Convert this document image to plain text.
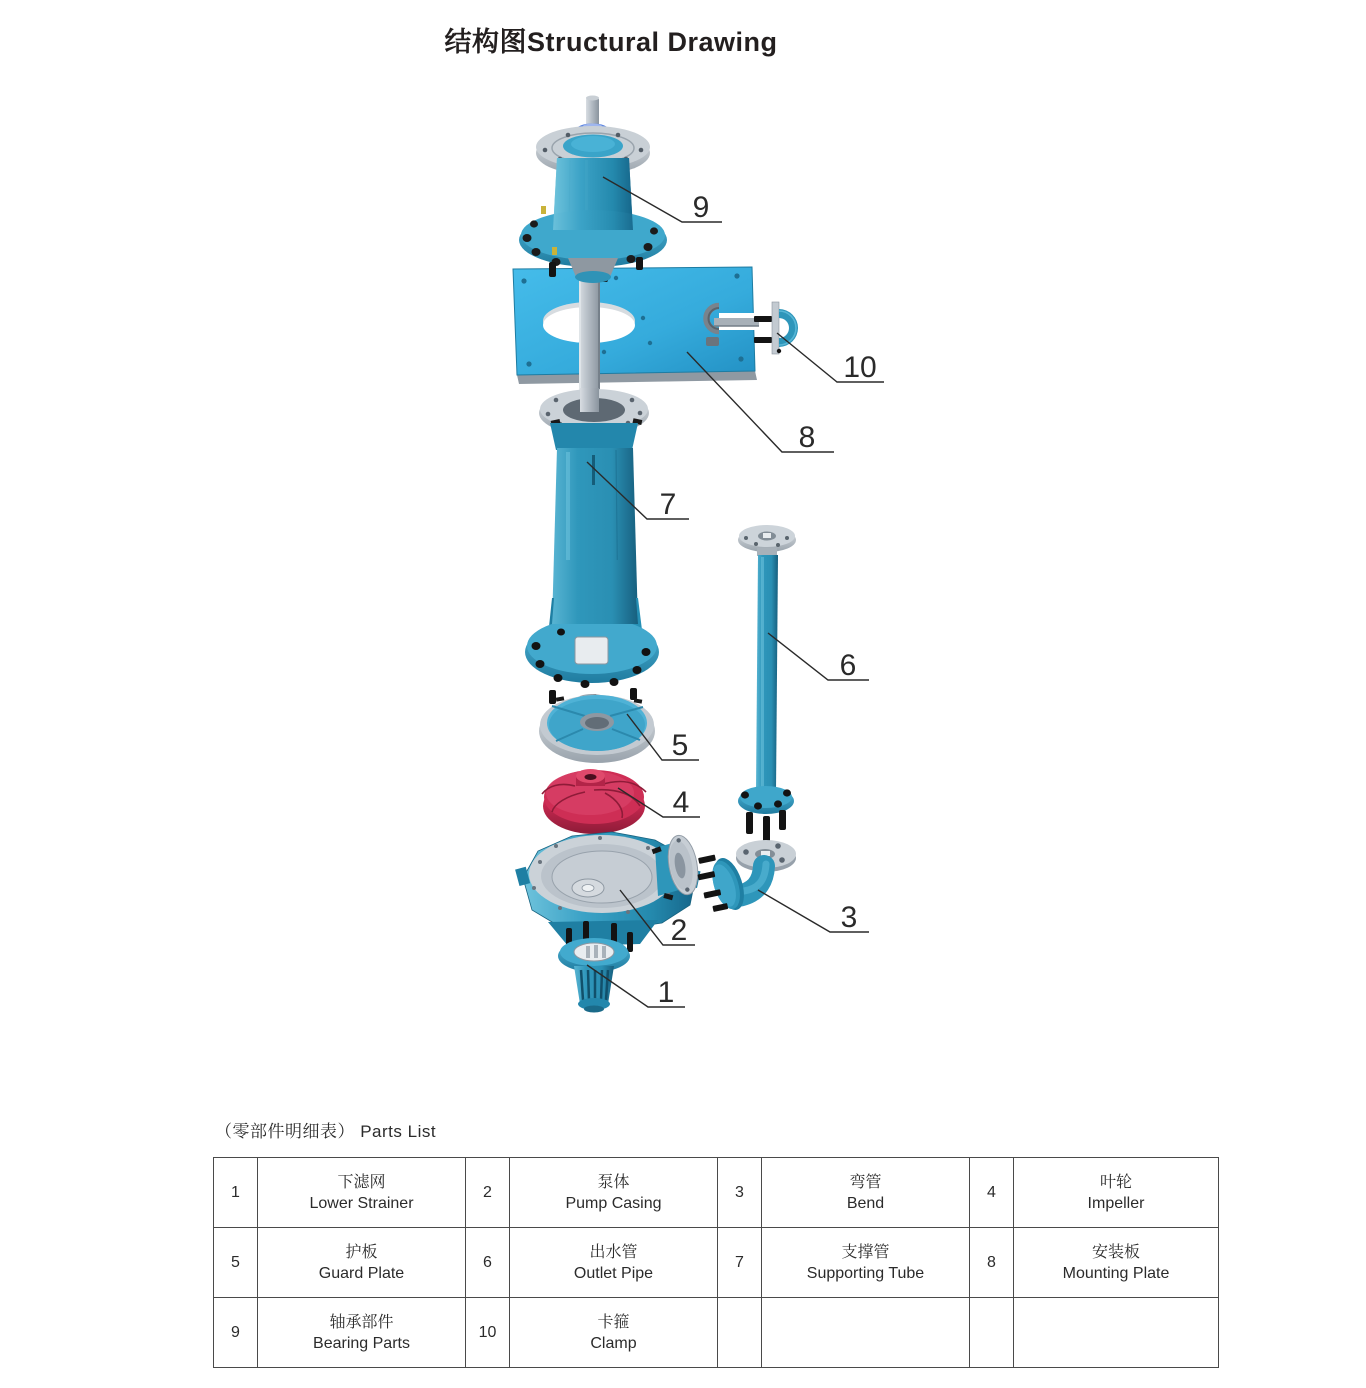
结构图Structural Drawing
1
2	3
4
5
6
7
8
9
10
（零部件明细表） Parts List
1	下滤网
Lower Strainer	2	泵体
Pump Casing	3	弯管
Bend	4	叶轮
Impeller

5	护板
Guard Plate	6	出水管
Outlet Pipe	7	支撑管
Supporting Tube	8	安装板
Mounting Plate

9	轴承部件
Bearing Parts	10	卡箍
Clamp				
